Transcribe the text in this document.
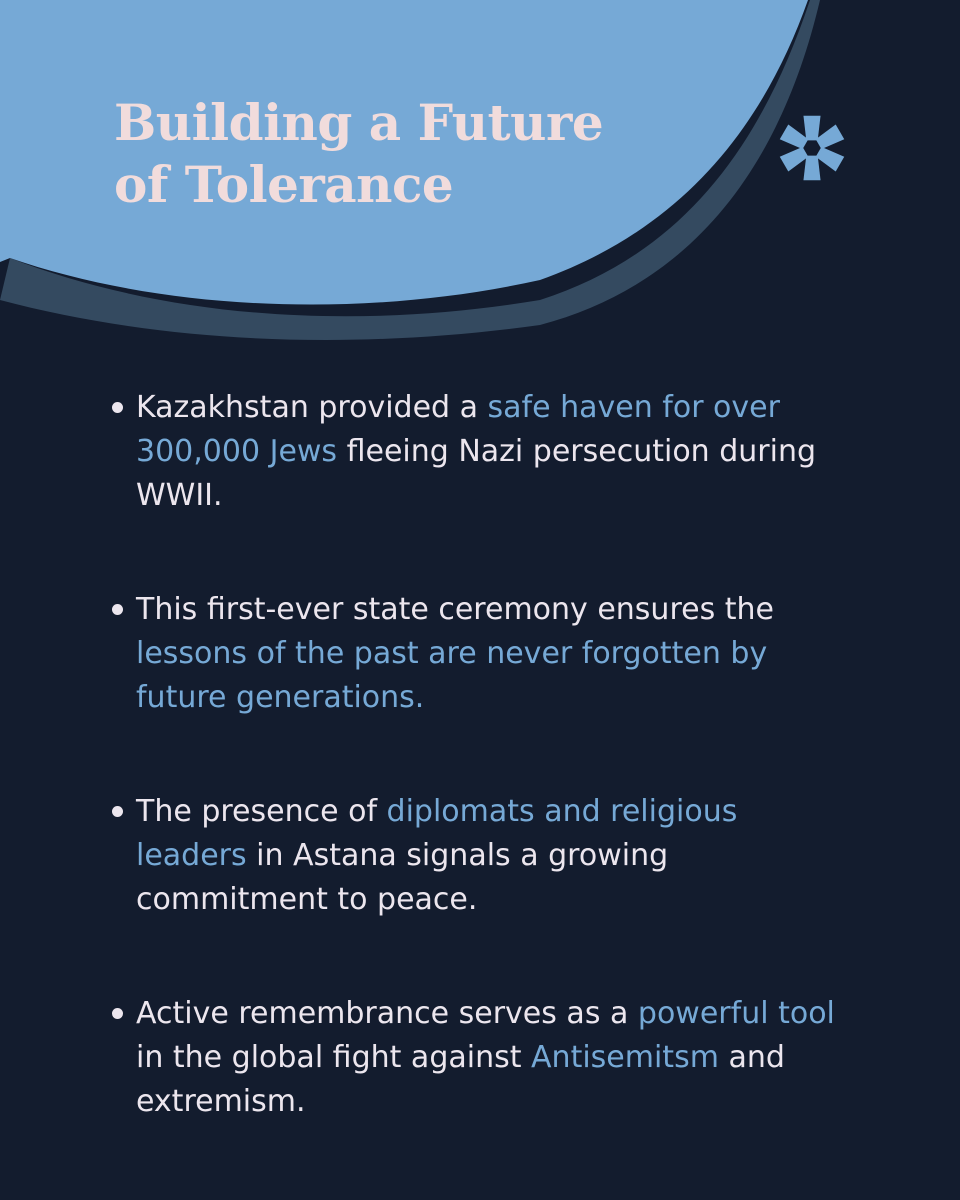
Building a Future
of Tolerance
Kazakhstan provided a safe haven for over 300,000 Jews fleeing Nazi persecution during WWII.
This first-ever state ceremony ensures the lessons of the past are never forgotten by future generations.
The presence of diplomats and religious leaders in Astana signals a growing commitment to peace.
Active remembrance serves as a powerful tool in the global fight against Antisemitsm and extremism.
